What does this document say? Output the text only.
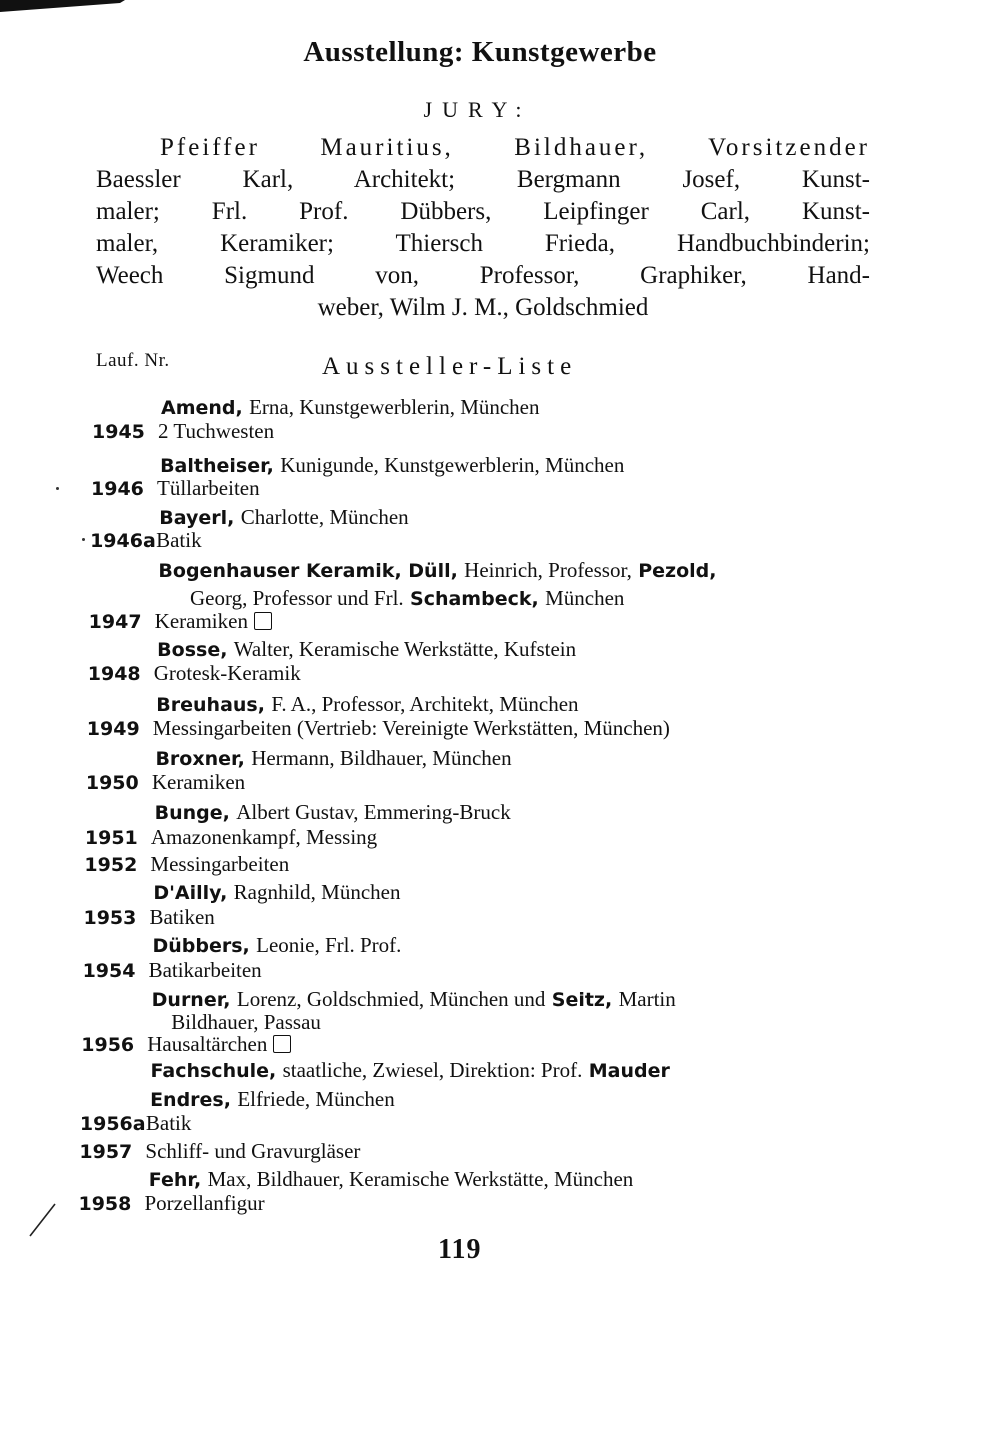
Ausstellung: Kunstgewerbe
JURY:

Pfeiffer Mauritius, Bildhauer, Vorsitzender
Baessler Karl, Architekt; Bergmann Josef, Kunst-
maler; Frl. Prof. Dübbers, Leipfinger Carl, Kunst-
maler, Keramiker; Thiersch Frieda, Handbuchbinderin;
Weech Sigmund von, Professor, Graphiker, Hand-
weber, Wilm J. M., Goldschmied

Lauf. Nr.	Aussteller-Liste
Amend, Erna, Kunstgewerblerin, München
1945 2 Tuchwesten
Baltheiser, Kunigunde, Kunstgewerblerin, München
1946 Tüllarbeiten
Bayerl, Charlotte, München
1946aBatik
Bogenhauser Keramik, Düll, Heinrich, Professor, Pezold,
Georg, Professor und Frl. Schambeck, München
1947 Keramiken
Bosse, Walter, Keramische Werkstätte, Kufstein
1948 Grotesk-Keramik
Breuhaus, F. A., Professor, Architekt, München
1949 Messingarbeiten (Vertrieb: Vereinigte Werkstätten, München)
Broxner, Hermann, Bildhauer, München
1950 Keramiken
Bunge, Albert Gustav, Emmering-Bruck
1951 Amazonenkampf, Messing
1952 Messingarbeiten
D'Ailly, Ragnhild, München
1953 Batiken
Dübbers, Leonie, Frl. Prof.
1954 Batikarbeiten
Durner, Lorenz, Goldschmied, München und Seitz, Martin
Bildhauer, Passau
1956 Hausaltärchen
Fachschule, staatliche, Zwiesel, Direktion: Prof. Mauder
Endres, Elfriede, München
1956aBatik
1957 Schliff- und Gravurgläser
Fehr, Max, Bildhauer, Keramische Werkstätte, München
1958 Porzellanfigur
119
